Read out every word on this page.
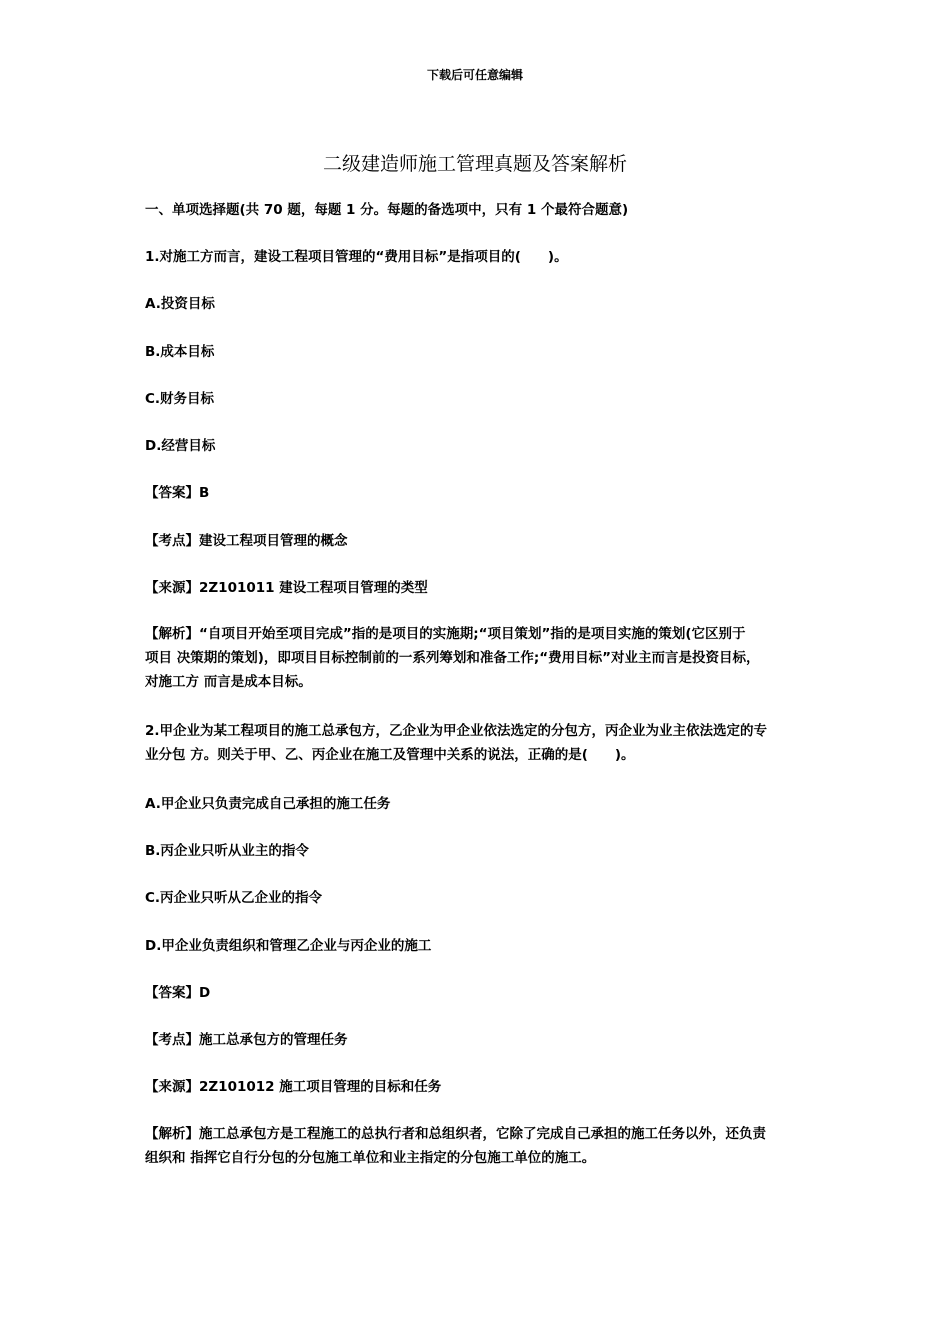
下载后可任意编辑
二级建造师施工管理真题及答案解析
一、单项选择题(共 70 题，每题 1 分。每题的备选项中，只有 1 个最符合题意)
1.对施工方而言，建设工程项目管理的“费用目标”是指项目的(　　)。
A.投资目标
B.成本目标
C.财务目标
D.经营目标
【答案】B
【考点】建设工程项目管理的概念
【来源】2Z101011 建设工程项目管理的类型
【解析】“自项目开始至项目完成”指的是项目的实施期;“项目策划”指的是项目实施的策划(它区别于
项目 决策期的策划)，即项目目标控制前的一系列筹划和准备工作;“费用目标”对业主而言是投资目标，
对施工方 而言是成本目标。
2.甲企业为某工程项目的施工总承包方，乙企业为甲企业依法选定的分包方，丙企业为业主依法选定的专
业分包 方。则关于甲、乙、丙企业在施工及管理中关系的说法，正确的是(　　)。
A.甲企业只负责完成自己承担的施工任务
B.丙企业只听从业主的指令
C.丙企业只听从乙企业的指令
D.甲企业负责组织和管理乙企业与丙企业的施工
【答案】D
【考点】施工总承包方的管理任务
【来源】2Z101012 施工项目管理的目标和任务
【解析】施工总承包方是工程施工的总执行者和总组织者，它除了完成自己承担的施工任务以外，还负责
组织和 指挥它自行分包的分包施工单位和业主指定的分包施工单位的施工。
